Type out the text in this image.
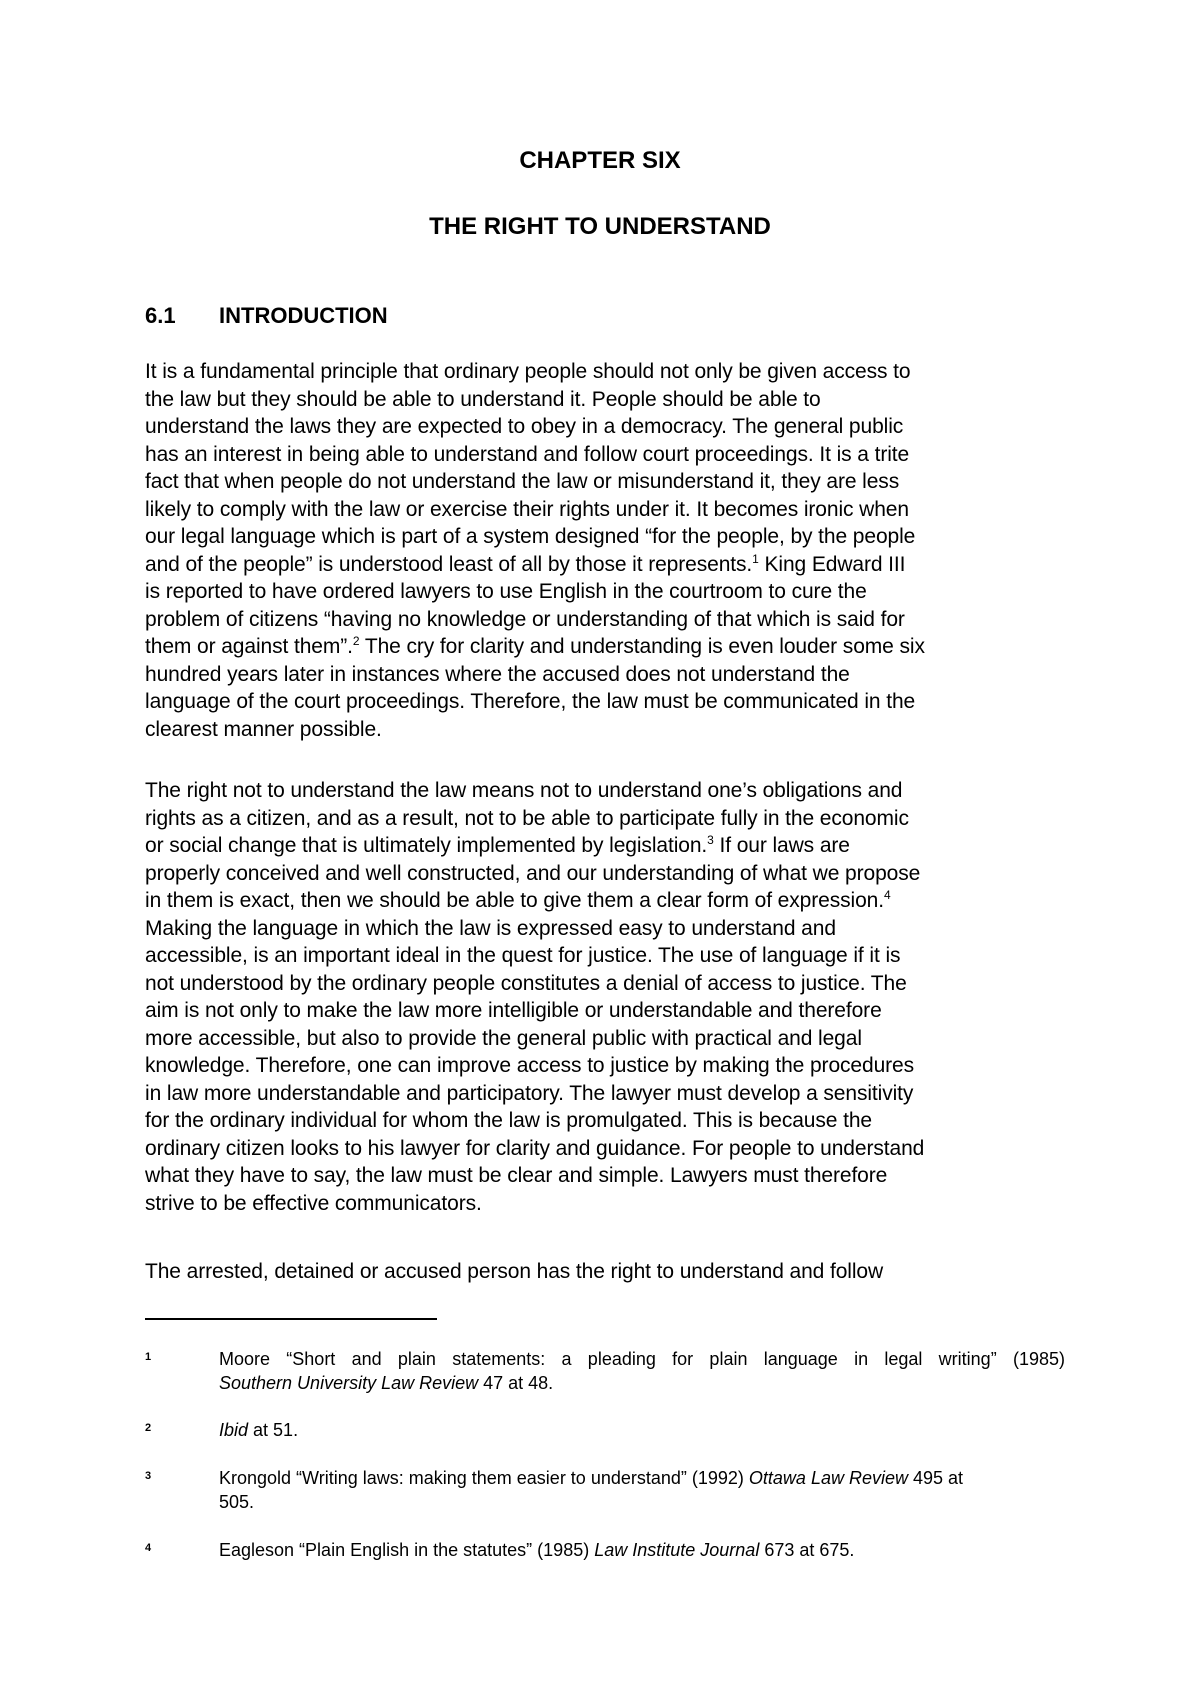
CHAPTER SIX
THE RIGHT TO UNDERSTAND
6.1 INTRODUCTION
It is a fundamental principle that ordinary people should not only be given access to
the law but they should be able to understand it. People should be able to
understand the laws they are expected to obey in a democracy. The general public
has an interest in being able to understand and follow court proceedings. It is a trite
fact that when people do not understand the law or misunderstand it, they are less
likely to comply with the law or exercise their rights under it. It becomes ironic when
our legal language which is part of a system designed “for the people, by the people
and of the people” is understood least of all by those it represents.$^1$ King Edward III
is reported to have ordered lawyers to use English in the courtroom to cure the
problem of citizens “having no knowledge or understanding of that which is said for
them or against them”.$^2$ The cry for clarity and understanding is even louder some six
hundred years later in instances where the accused does not understand the
language of the court proceedings. Therefore, the law must be communicated in the
clearest manner possible.
The right not to understand the law means not to understand one’s obligations and
rights as a citizen, and as a result, not to be able to participate fully in the economic
or social change that is ultimately implemented by legislation.$^3$ If our laws are
properly conceived and well constructed, and our understanding of what we propose
in them is exact, then we should be able to give them a clear form of expression.$^4$
Making the language in which the law is expressed easy to understand and
accessible, is an important ideal in the quest for justice. The use of language if it is
not understood by the ordinary people constitutes a denial of access to justice. The
aim is not only to make the law more intelligible or understandable and therefore
more accessible, but also to provide the general public with practical and legal
knowledge. Therefore, one can improve access to justice by making the procedures
in law more understandable and participatory. The lawyer must develop a sensitivity
for the ordinary individual for whom the law is promulgated. This is because the
ordinary citizen looks to his lawyer for clarity and guidance. For people to understand
what they have to say, the law must be clear and simple. Lawyers must therefore
strive to be effective communicators.
The arrested, detained or accused person has the right to understand and follow
1	Moore “Short and plain statements: a pleading for plain language in legal writing” (1985)
Southern University Law Review 47 at 48.
2	Ibid at 51.
3	Krongold “Writing laws: making them easier to understand” (1992) Ottawa Law Review 495 at
505.
4	Eagleson “Plain English in the statutes” (1985) Law Institute Journal 673 at 675.
